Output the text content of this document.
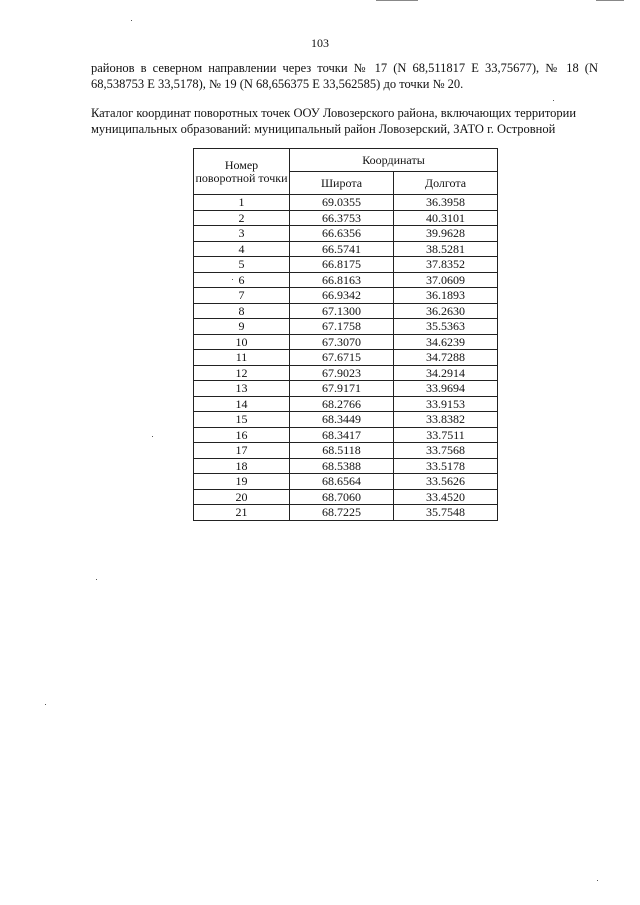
103

районов в северном направлении через точки № 17 (N 68,511817 Е 33,75677), № 18 (N 68,538753 Е 33,5178), № 19 (N 68,656375 Е 33,562585) до точки № 20.

Каталог координат поворотных точек ООУ Ловозерского района, включающих территории муниципальных образований: муниципальный район Ловозерский, ЗАТО г. Островной

Номер поворотной точки	Координаты	
	Широта	Долгота
1	69.0355	36.3958
2	66.3753	40.3101
3	66.6356	39.9628
4	66.5741	38.5281
5	66.8175	37.8352
6	66.8163	37.0609
7	66.9342	36.1893
8	67.1300	36.2630
9	67.1758	35.5363
10	67.3070	34.6239
11	67.6715	34.7288
12	67.9023	34.2914
13	67.9171	33.9694
14	68.2766	33.9153
15	68.3449	33.8382
16	68.3417	33.7511
17	68.5118	33.7568
18	68.5388	33.5178
19	68.6564	33.5626
20	68.7060	33.4520
21	68.7225	35.7548
